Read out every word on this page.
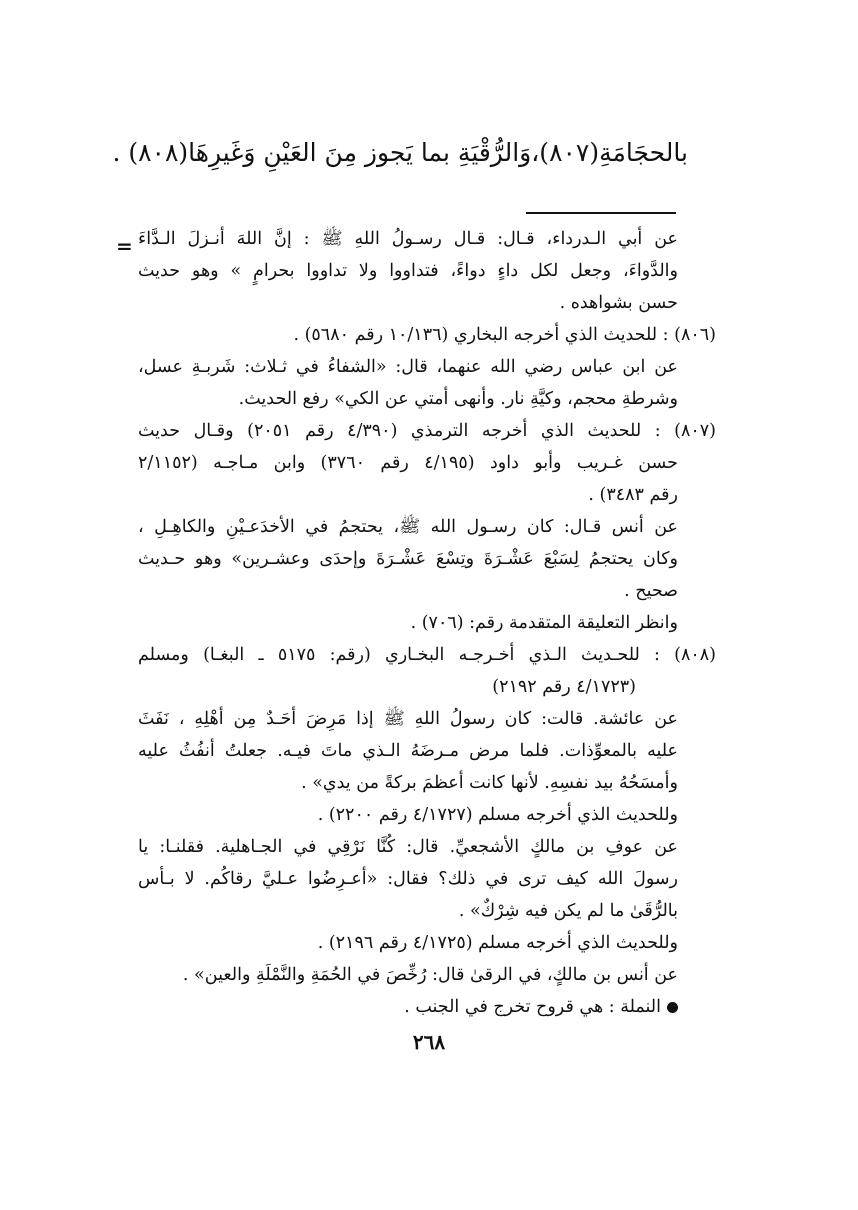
بالحجَامَةِ(٨٠٧)،وَالرُّقْيَةِ بما يَجوز مِنَ العَيْنِ وَغَيرِهَا(٨٠٨) .
= عن أبي الـدرداء، قـال: قـال رسـولُ اللهِ ﷺ : إنَّ اللهَ أنـزلَ الـدَّاءَ
والدَّواءَ، وجعل لكل داءٍ دواءً، فتداووا ولا تداووا بحرامٍ » وهو حديث
حسن بشواهده .
(٨٠٦) : للحديث الذي أخرجه البخاري (١٠/١٣٦ رقم ٥٦٨٠) .
عن ابن عباس رضي الله عنهما، قال: «الشفاءُ في ثـلاث: شَربـةِ عسل،
وشرطةِ محجم، وكيَّةِ نار. وأنهى أمتي عن الكي» رفع الحديث.
(٨٠٧) : للحديث الذي أخرجه الترمذي (٤/٣٩٠ رقم ٢٠٥١) وقـال حديث
حسن غـريب وأبو داود (٤/١٩٥ رقم ٣٧٦٠) وابن مـاجـه (٢/١١٥٢
رقم ٣٤٨٣) .
عن أنس قـال: كان رسـول الله ﷺ، يحتجمُ في الأخدَعـيْنِ والكاهِـلِ ،
وكان يحتجمُ لِسَبْعَ عَشْـرَةَ وتِسْعَ عَشْـرَةَ وإحدَى وعشـرين» وهو حـديث
صحيح .
وانظر التعليقة المتقدمة رقم: (٧٠٦) .
(٨٠٨) : للحـديث الـذي أخـرجـه البخـاري (رقم: ٥١٧٥ ـ البغـا) ومسلم
(٤/١٧٢٣ رقم ٢١٩٢)
عن عائشة. قالت: كان رسولُ اللهِ ﷺ إذا مَرِضَ أحَـدٌ مِن أهْلِهِ ، نَفَثَ
عليه بالمعوِّذات. فلما مرض مـرضَهُ الـذي ماتَ فيـه. جعلتُ أنفُثُ عليه
وأمسَحُهُ بيد نفسِهِ. لأنها كانت أعظمَ بركةً من يدي» .
وللحديث الذي أخرجه مسلم (٤/١٧٢٧ رقم ٢٢٠٠) .
عن عوفِ بن مالكٍ الأشجعيِّ. قال: كُنَّا نَرْقِي في الجـاهلية. فقلنـا: يا
رسولَ الله كيف ترى في ذلك؟ فقال: «أعـرِضُوا عـليَّ رقاكُم. لا بـأس
بالرُّقَىٰ ما لم يكن فيه شِرْكٌ» .
وللحديث الذي أخرجه مسلم (٤/١٧٢٥ رقم ٢١٩٦) .
عن أنس بن مالكٍ، في الرقىٰ قال: رُخِّصَ في الحُمَةِ والنَّمْلَةِ والعين» .
النملة : هي قروح تخرج في الجنب .
٢٦٨
